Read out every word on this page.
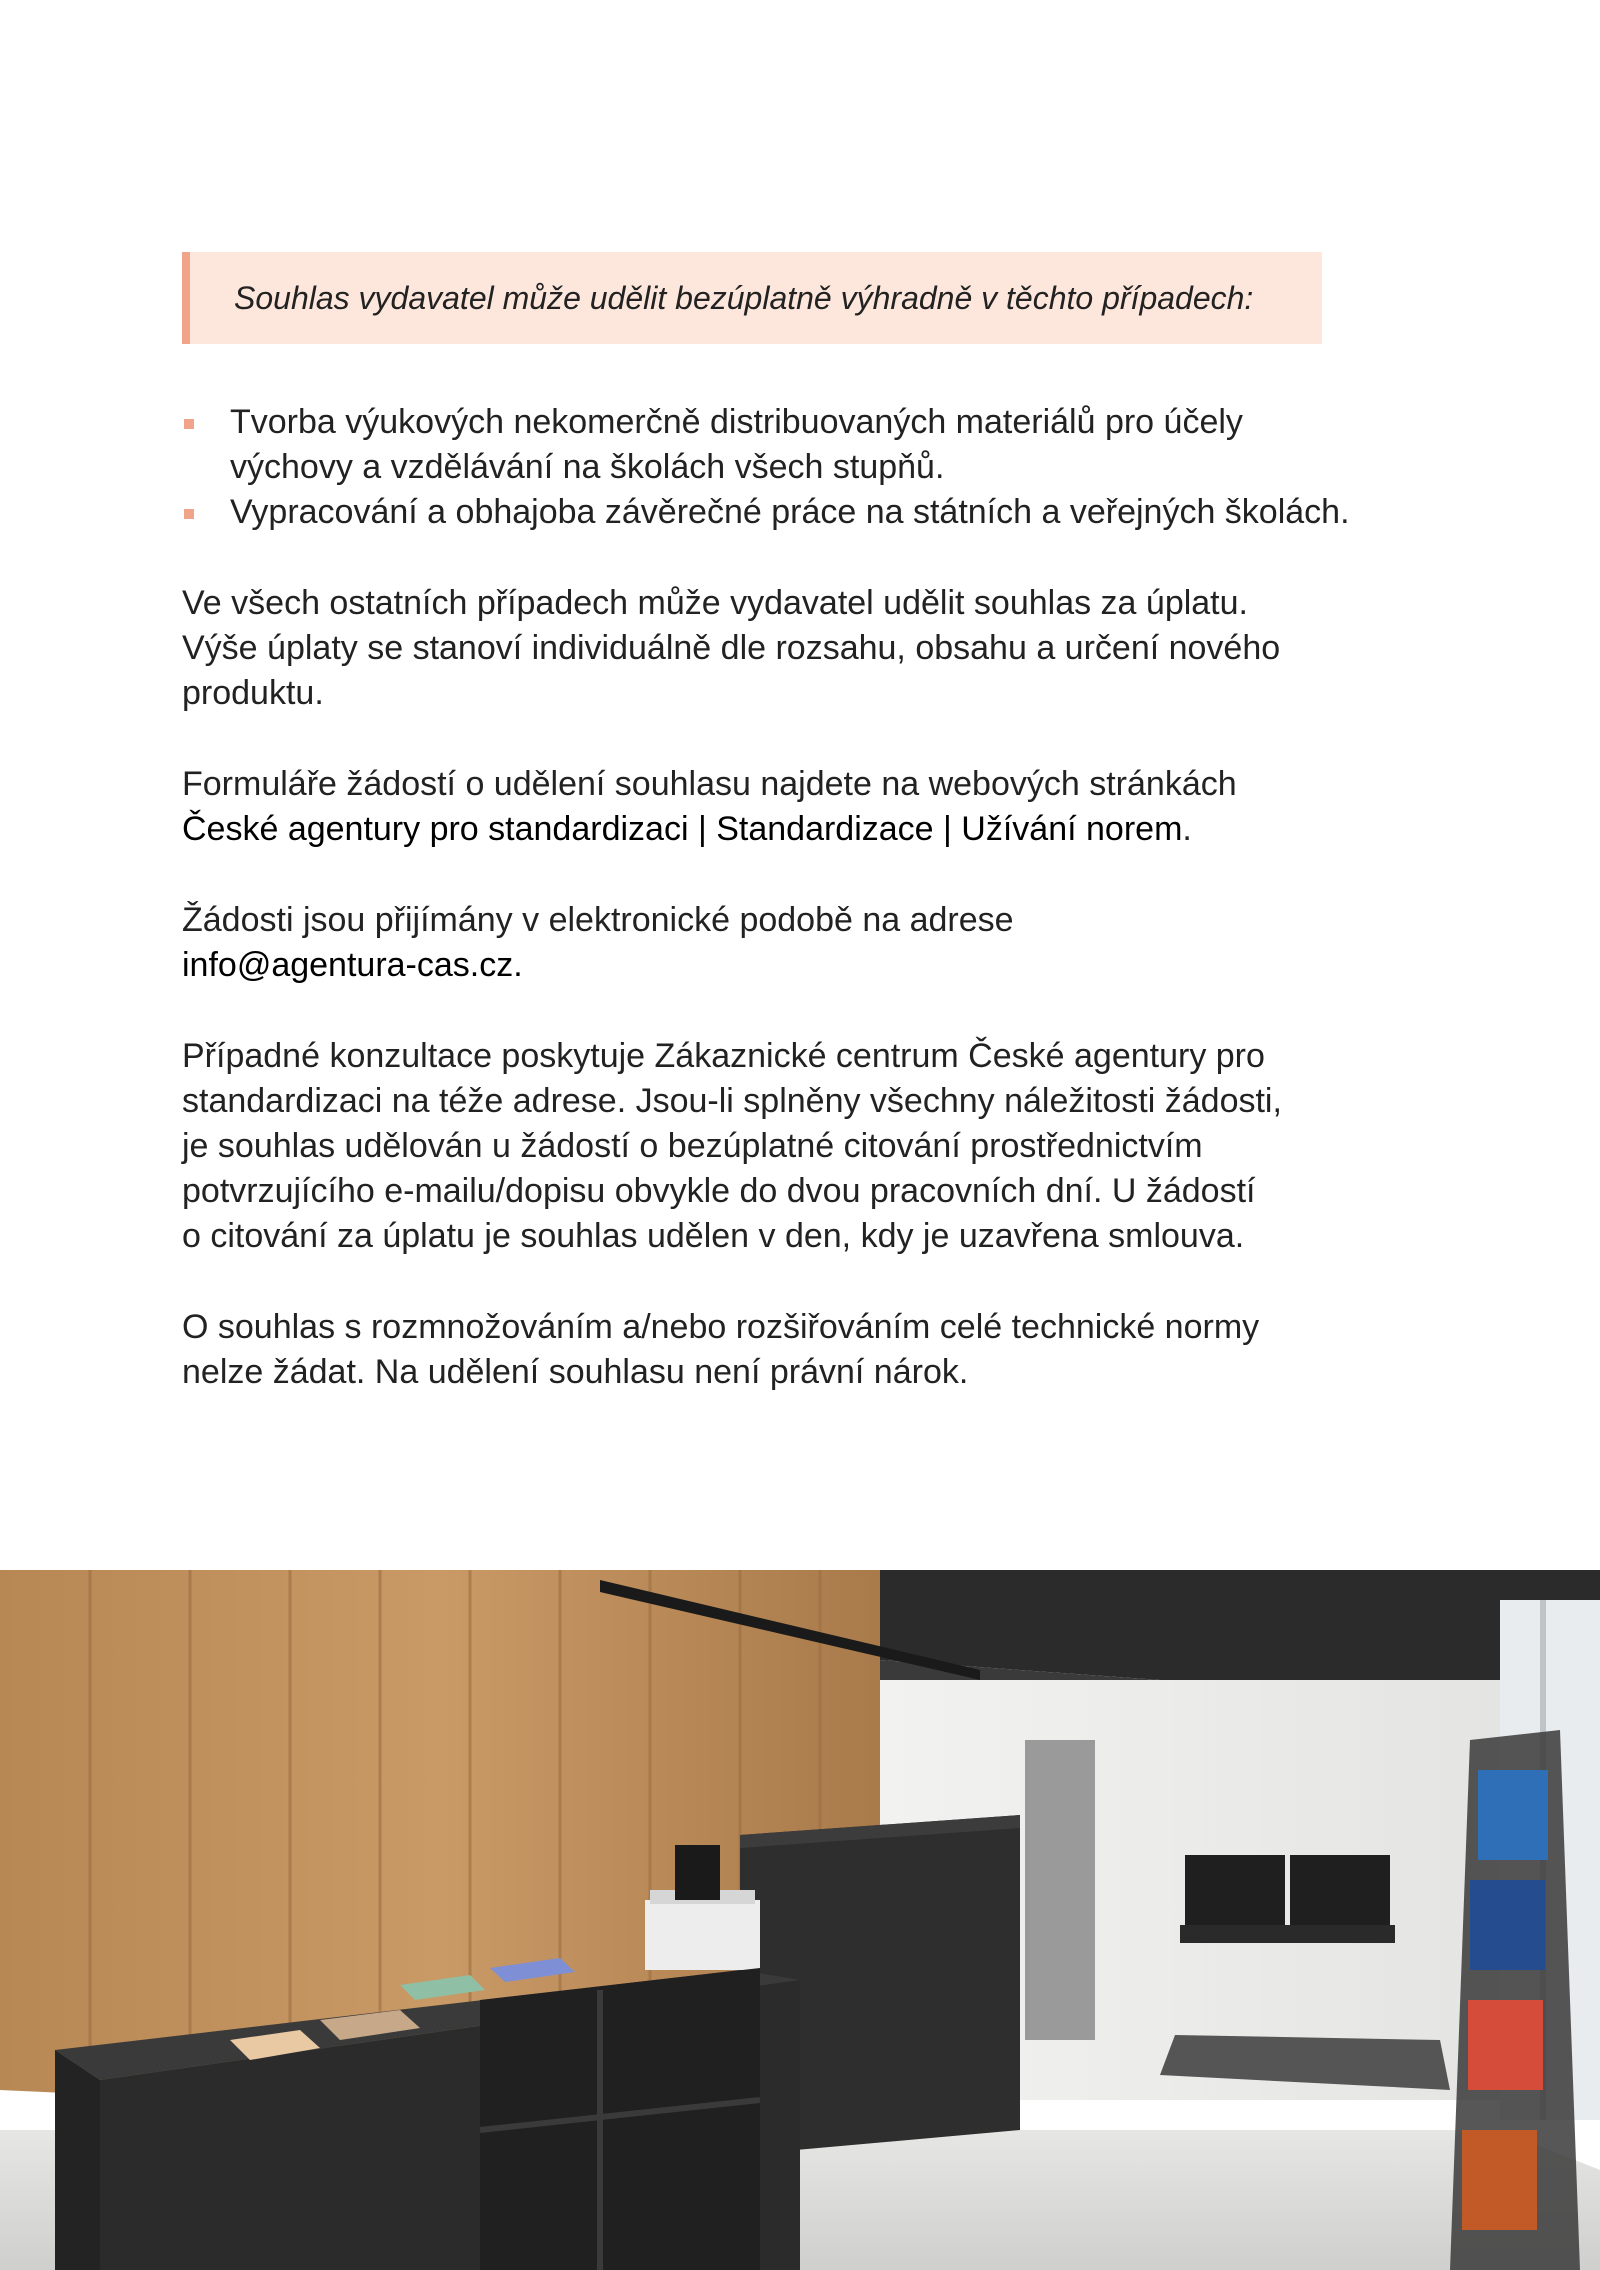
Souhlas vydavatel může udělit bezúplatně výhradně v těchto případech:
Tvorba výukových nekomerčně distribuovaných materiálů pro účely
výchovy a vzdělávání na školách všech stupňů.
Vypracování a obhajoba závěrečné práce na státních a veřejných školách.

Ve všech ostatních případech může vydavatel udělit souhlas za úplatu.
Výše úplaty se stanoví individuálně dle rozsahu, obsahu a určení nového
produktu.

Formuláře žádostí o udělení souhlasu najdete na webových stránkách
České agentury pro standardizaci | Standardizace | Užívání norem.

Žádosti jsou přijímány v elektronické podobě na adrese
info@agentura-cas.cz.

Případné konzultace poskytuje Zákaznické centrum České agentury pro
standardizaci na téže adrese. Jsou-li splněny všechny náležitosti žádosti,
je souhlas udělován u žádostí o bezúplatné citování prostřednictvím
potvrzujícího e-mailu/dopisu obvykle do dvou pracovních dní. U žádostí
o citování za úplatu je souhlas udělen v den, kdy je uzavřena smlouva.

O souhlas s rozmnožováním a/nebo rozšiřováním celé technické normy
nelze žádat. Na udělení souhlasu není právní nárok.
